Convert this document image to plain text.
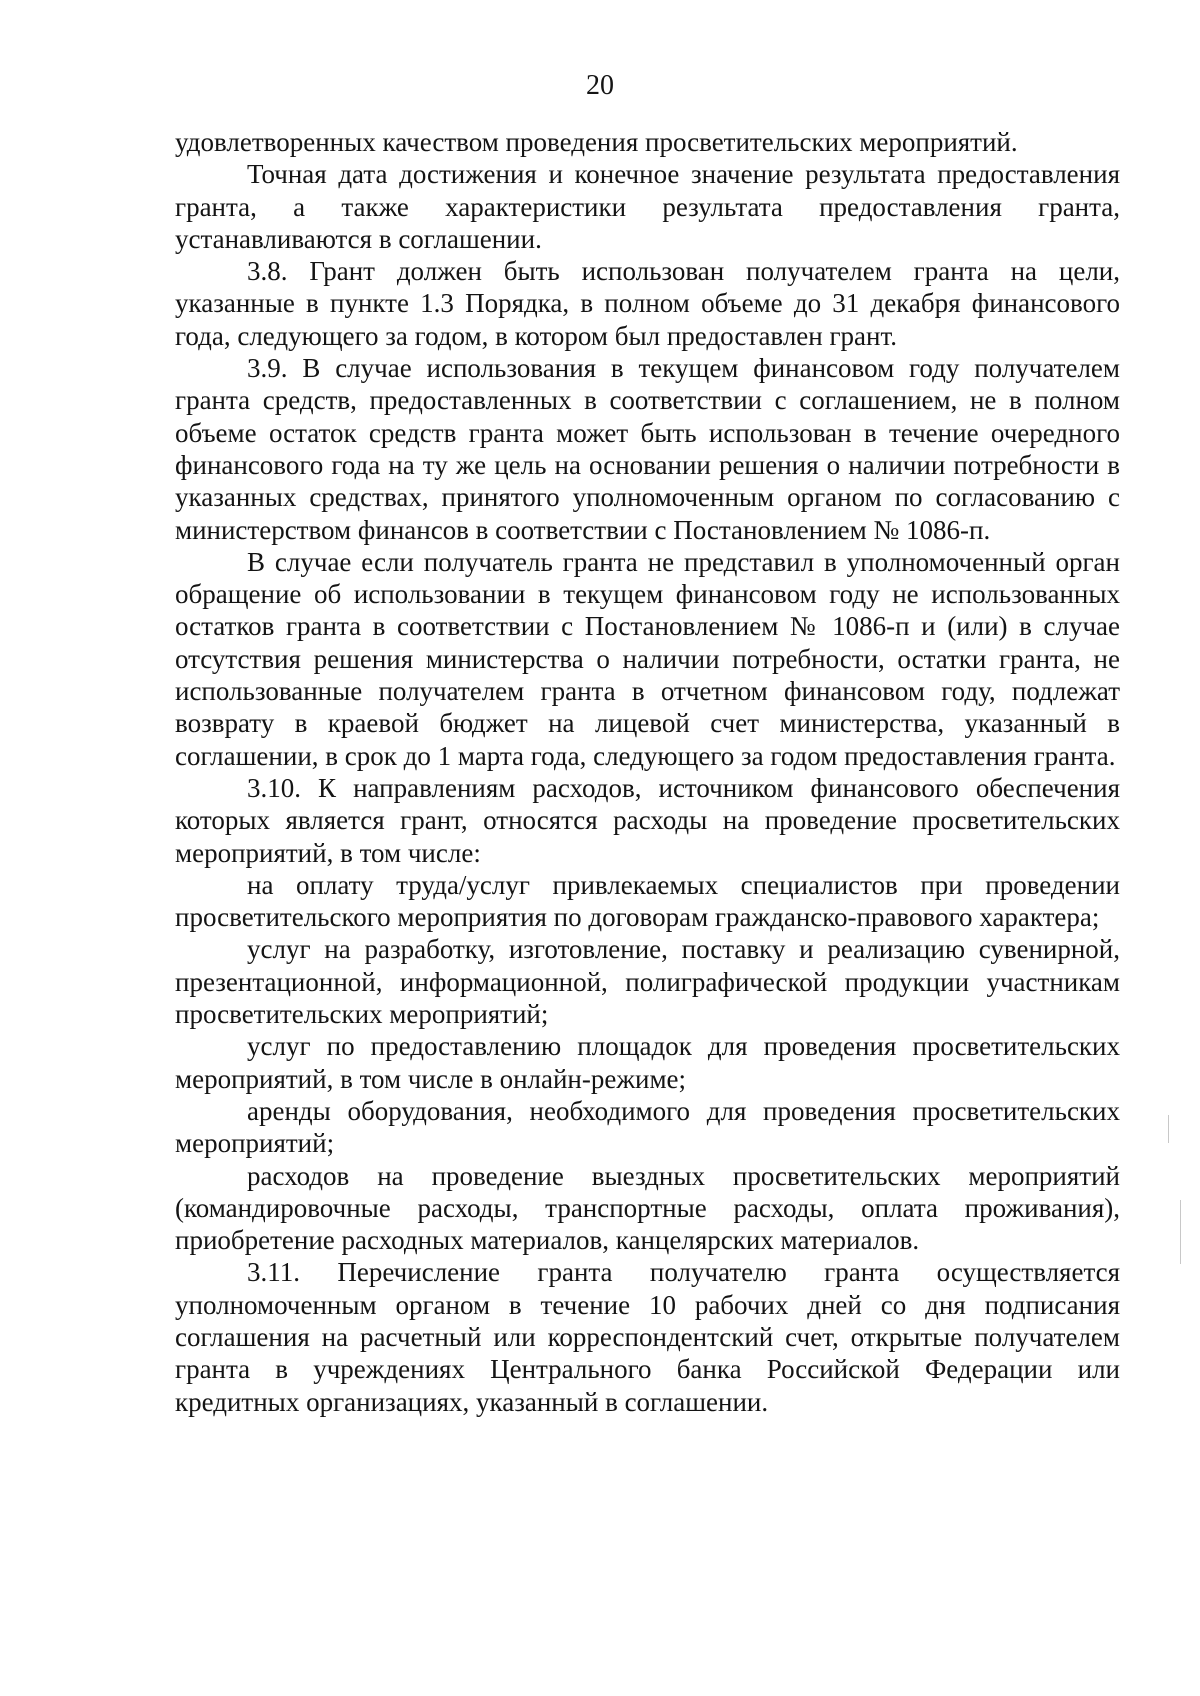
20

удовлетворенных качеством проведения просветительских мероприятий.

Точная дата достижения и конечное значение результата предоставления гранта, а также характеристики результата предоставления гранта, устанавливаются в соглашении.

3.8. Грант должен быть использован получателем гранта на цели, указанные в пункте 1.3 Порядка, в полном объеме до 31 декабря финансового года, следующего за годом, в котором был предоставлен грант.

3.9. В случае использования в текущем финансовом году получателем гранта средств, предоставленных в соответствии с соглашением, не в полном объеме остаток средств гранта может быть использован в течение очередного финансового года на ту же цель на основании решения о наличии потребности в указанных средствах, принятого уполномоченным органом по согласованию с министерством финансов в соответствии с Постановлением № 1086-п.

В случае если получатель гранта не представил в уполномоченный орган обращение об использовании в текущем финансовом году не использованных остатков гранта в соответствии с Постановлением № 1086-п и (или) в случае отсутствия решения министерства о наличии потребности, остатки гранта, не использованные получателем гранта в отчетном финансовом году, подлежат возврату в краевой бюджет на лицевой счет министерства, указанный в соглашении, в срок до 1 марта года, следующего за годом предоставления гранта.

3.10. К направлениям расходов, источником финансового обеспечения которых является грант, относятся расходы на проведение просветительских мероприятий, в том числе:

на оплату труда/услуг привлекаемых специалистов при проведении просветительского мероприятия по договорам гражданско-правового характера;

услуг на разработку, изготовление, поставку и реализацию сувенирной, презентационной, информационной, полиграфической продукции участникам просветительских мероприятий;

услуг по предоставлению площадок для проведения просветительских мероприятий, в том числе в онлайн-режиме;

аренды оборудования, необходимого для проведения просветительских мероприятий;

расходов на проведение выездных просветительских мероприятий (командировочные расходы, транспортные расходы, оплата проживания), приобретение расходных материалов, канцелярских материалов.

3.11. Перечисление гранта получателю гранта осуществляется уполномоченным органом в течение 10 рабочих дней со дня подписания соглашения на расчетный или корреспондентский счет, открытые получателем гранта в учреждениях Центрального банка Российской Федерации или кредитных организациях, указанный в соглашении.
